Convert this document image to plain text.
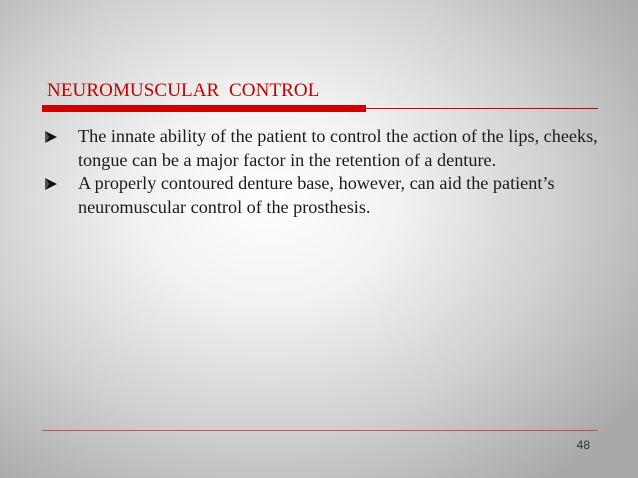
NEUROMUSCULAR  CONTROL
The innate ability of the patient to control the action of the lips, cheeks, tongue can be a major factor in the retention of a denture.
A properly contoured denture base, however, can aid the patient’s neuromuscular control of the prosthesis.
48
